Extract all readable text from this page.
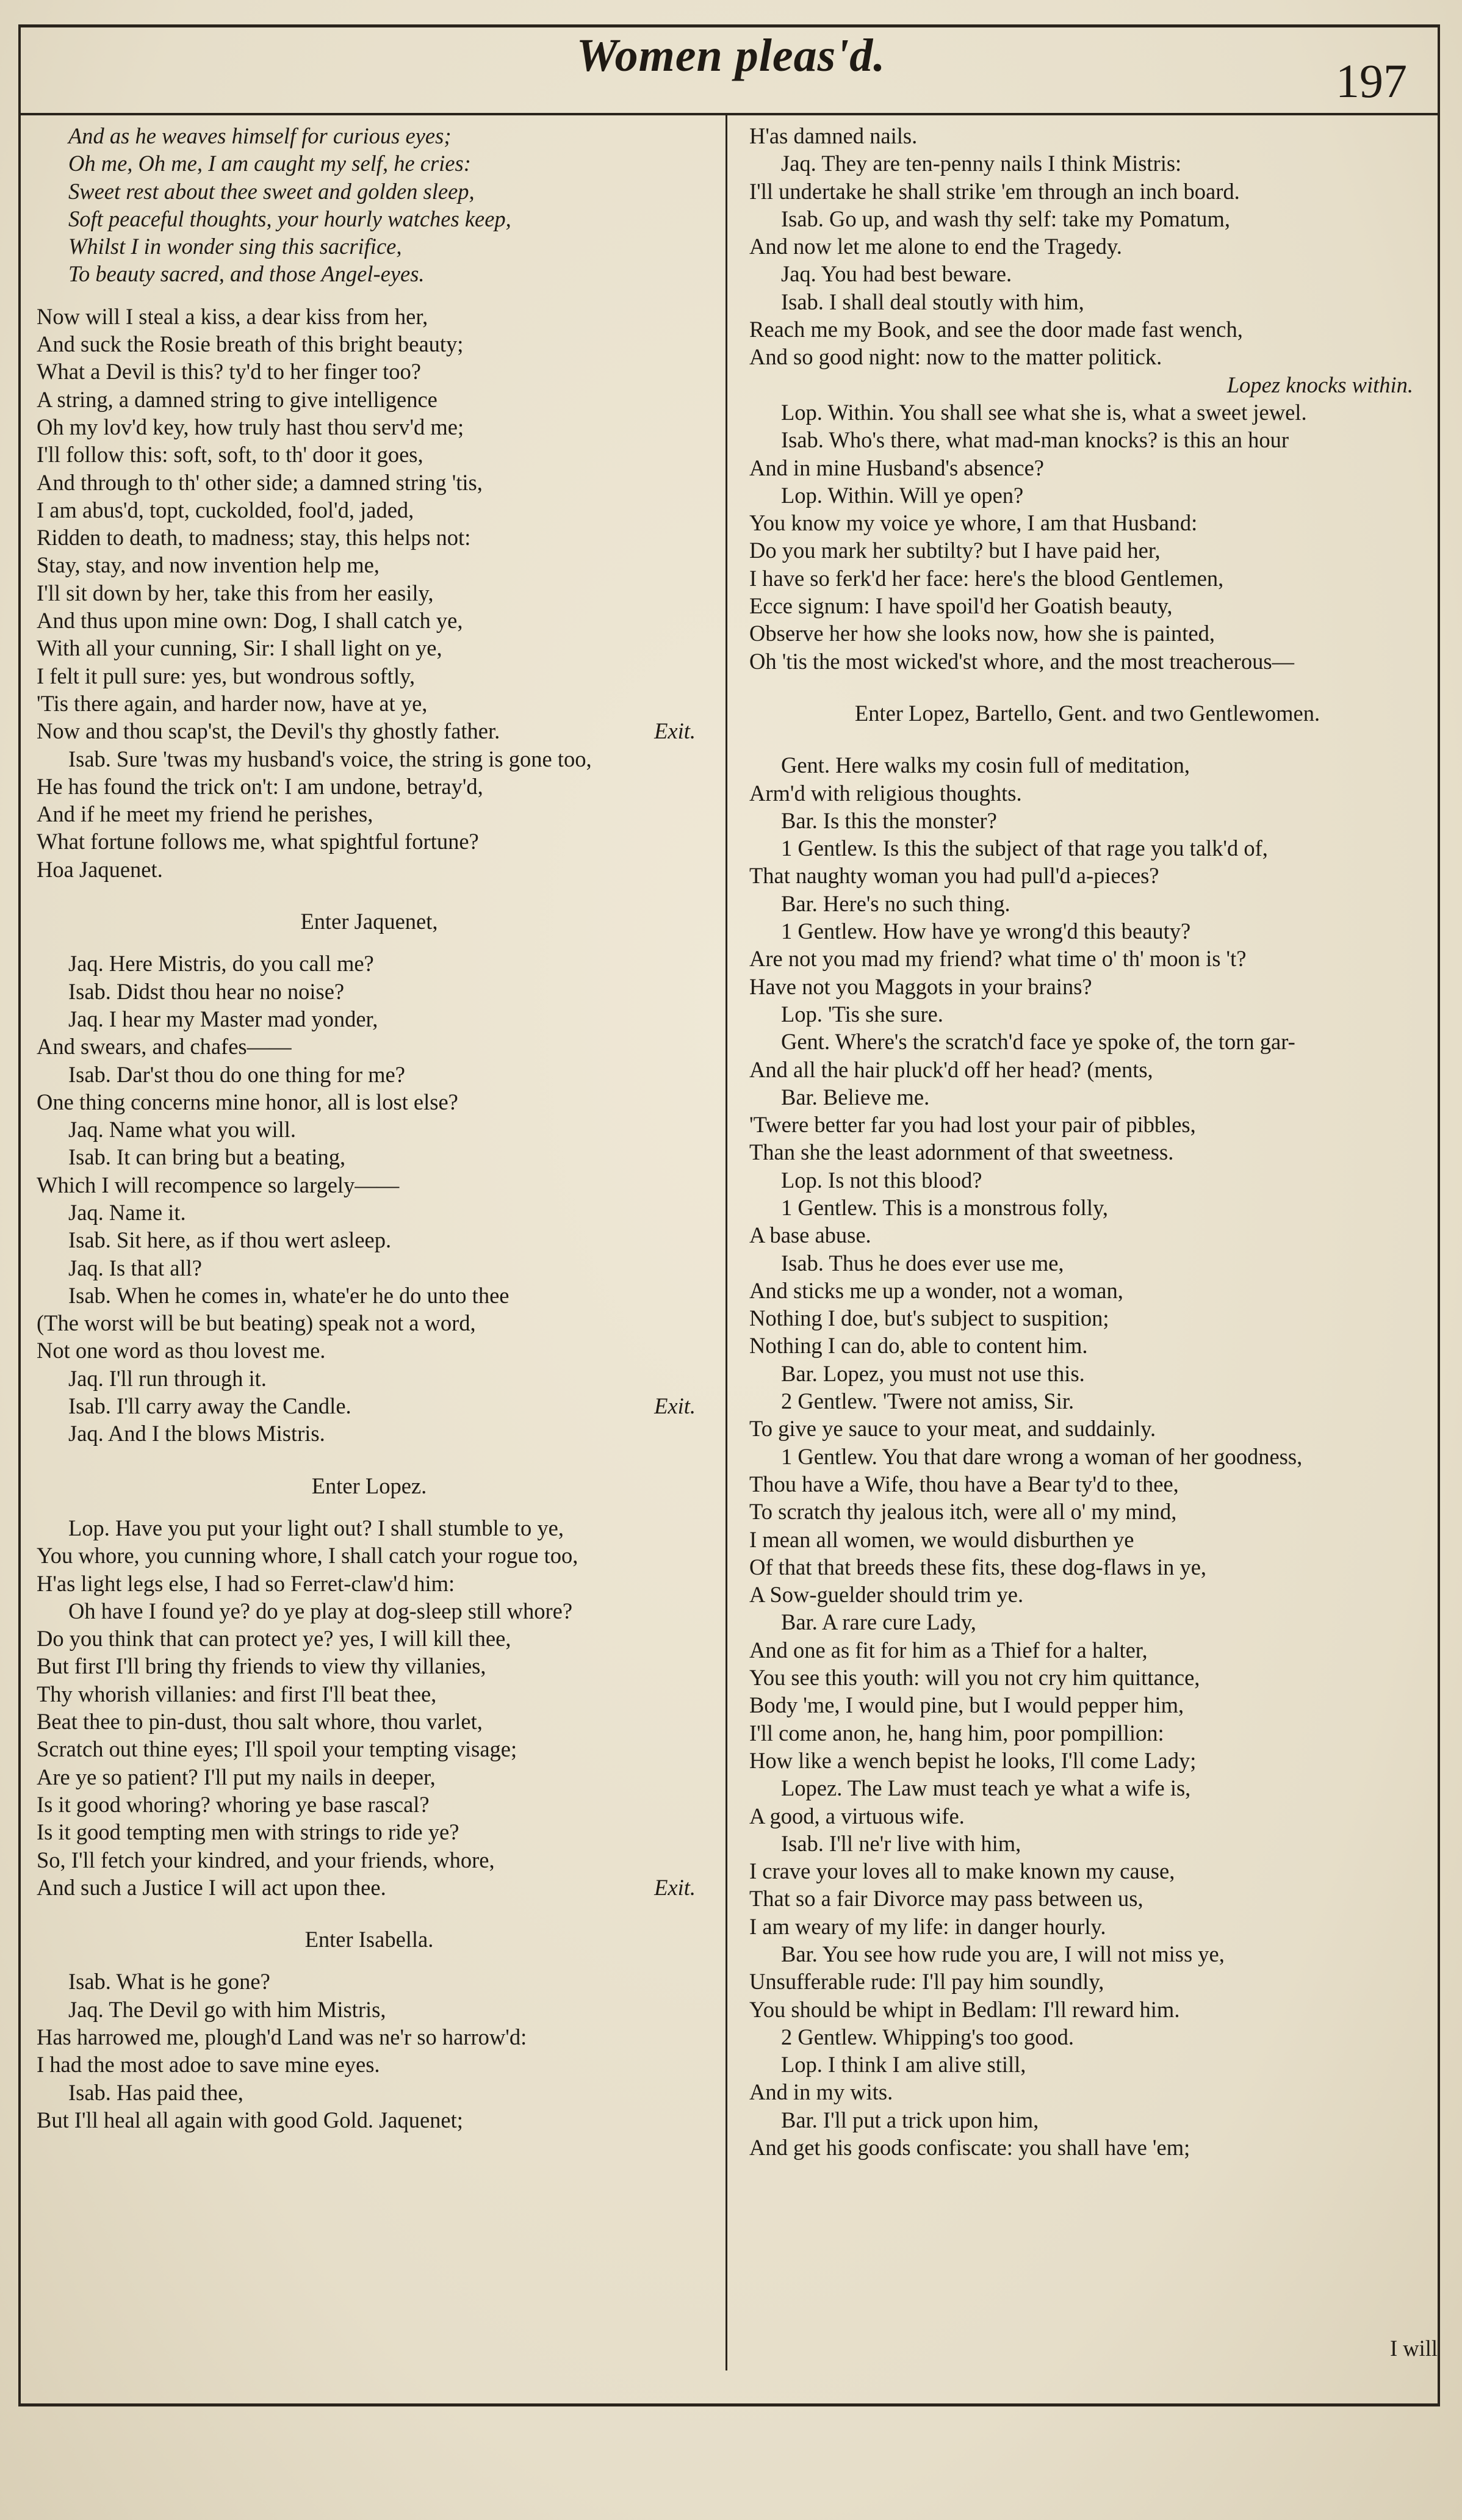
Women pleas'd.	197
And as he weaves himself for curious eyes;
Oh me, Oh me, I am caught my self, he cries:
Sweet rest about thee sweet and golden sleep,
Soft peaceful thoughts, your hourly watches keep,
Whilst I in wonder sing this sacrifice,
To beauty sacred, and those Angel-eyes.
Now will I steal a kiss, a dear kiss from her,
And suck the Rosie breath of this bright beauty;
What a Devil is this? ty'd to her finger too?
A string, a damned string to give intelligence
Oh my lov'd key, how truly hast thou serv'd me;
I'll follow this: soft, soft, to th' door it goes,
And through to th' other side; a damned string 'tis,
I am abus'd, topt, cuckolded, fool'd, jaded,
Ridden to death, to madness; stay, this helps not:
Stay, stay, and now invention help me,
I'll sit down by her, take this from her easily,
And thus upon mine own: Dog, I shall catch ye,
With all your cunning, Sir: I shall light on ye,
I felt it pull sure: yes, but wondrous softly,
'Tis there again, and harder now, have at ye,
Now and thou scap'st, the Devil's thy ghostly father.	Exit.
Isab. Sure 'twas my husband's voice, the string is gone too,
He has found the trick on't: I am undone, betray'd,
And if he meet my friend he perishes,
What fortune follows me, what spightful fortune?
Hoa Jaquenet.
Enter Jaquenet,
Jaq. Here Mistris, do you call me?
Isab. Didst thou hear no noise?
Jaq. I hear my Master mad yonder,
And swears, and chafes——
Isab. Dar'st thou do one thing for me?
One thing concerns mine honor, all is lost else?
Jaq. Name what you will.
Isab. It can bring but a beating,
Which I will recompence so largely——
Jaq. Name it.
Isab. Sit here, as if thou wert asleep.
Jaq. Is that all?
Isab. When he comes in, whate'er he do unto thee
(The worst will be but beating) speak not a word,
Not one word as thou lovest me.
Jaq. I'll run through it.
Isab. I'll carry away the Candle.	Exit.
Jaq. And I the blows Mistris.
Enter Lopez.
Lop. Have you put your light out? I shall stumble to ye,
You whore, you cunning whore, I shall catch your rogue too,
H'as light legs else, I had so Ferret-claw'd him:
Oh have I found ye? do ye play at dog-sleep still whore?
Do you think that can protect ye? yes, I will kill thee,
But first I'll bring thy friends to view thy villanies,
Thy whorish villanies: and first I'll beat thee,
Beat thee to pin-dust, thou salt whore, thou varlet,
Scratch out thine eyes; I'll spoil your tempting visage;
Are ye so patient? I'll put my nails in deeper,
Is it good whoring? whoring ye base rascal?
Is it good tempting men with strings to ride ye?
So, I'll fetch your kindred, and your friends, whore,
And such a Justice I will act upon thee.	Exit.
Enter Isabella.
Isab. What is he gone?
Jaq. The Devil go with him Mistris,
Has harrowed me, plough'd Land was ne'r so harrow'd:
I had the most adoe to save mine eyes.
Isab. Has paid thee,
But I'll heal all again with good Gold. Jaquenet;
H'as damned nails.
Jaq. They are ten-penny nails I think Mistris:
I'll undertake he shall strike 'em through an inch board.
Isab. Go up, and wash thy self: take my Pomatum,
And now let me alone to end the Tragedy.
Jaq. You had best beware.
Isab. I shall deal stoutly with him,
Reach me my Book, and see the door made fast wench,
And so good night: now to the matter politick.
Lopez knocks within.
Lop. Within. You shall see what she is, what a sweet jewel.
Isab. Who's there, what mad-man knocks? is this an hour
And in mine Husband's absence?
Lop. Within. Will ye open?
You know my voice ye whore, I am that Husband:
Do you mark her subtilty? but I have paid her,
I have so ferk'd her face: here's the blood Gentlemen,
Ecce signum: I have spoil'd her Goatish beauty,
Observe her how she looks now, how she is painted,
Oh 'tis the most wicked'st whore, and the most treacherous—
Enter Lopez, Bartello, Gent. and two Gentlewomen.
Gent. Here walks my cosin full of meditation,
Arm'd with religious thoughts.
Bar. Is this the monster?
1 Gentlew. Is this the subject of that rage you talk'd of,
That naughty woman you had pull'd a-pieces?
Bar. Here's no such thing.
1 Gentlew. How have ye wrong'd this beauty?
Are not you mad my friend? what time o' th' moon is 't?
Have not you Maggots in your brains?
Lop. 'Tis she sure.
Gent. Where's the scratch'd face ye spoke of, the torn gar-
And all the hair pluck'd off her head? (ments,
Bar. Believe me.
'Twere better far you had lost your pair of pibbles,
Than she the least adornment of that sweetness.
Lop. Is not this blood?
1 Gentlew. This is a monstrous folly,
A base abuse.
Isab. Thus he does ever use me,
And sticks me up a wonder, not a woman,
Nothing I doe, but's subject to suspition;
Nothing I can do, able to content him.
Bar. Lopez, you must not use this.
2 Gentlew. 'Twere not amiss, Sir.
To give ye sauce to your meat, and suddainly.
1 Gentlew. You that dare wrong a woman of her goodness,
Thou have a Wife, thou have a Bear ty'd to thee,
To scratch thy jealous itch, were all o' my mind,
I mean all women, we would disburthen ye
Of that that breeds these fits, these dog-flaws in ye,
A Sow-guelder should trim ye.
Bar. A rare cure Lady,
And one as fit for him as a Thief for a halter,
You see this youth: will you not cry him quittance,
Body 'me, I would pine, but I would pepper him,
I'll come anon, he, hang him, poor pompillion:
How like a wench bepist he looks, I'll come Lady;
Lopez. The Law must teach ye what a wife is,
A good, a virtuous wife.
Isab. I'll ne'r live with him,
I crave your loves all to make known my cause,
That so a fair Divorce may pass between us,
I am weary of my life: in danger hourly.
Bar. You see how rude you are, I will not miss ye,
Unsufferable rude: I'll pay him soundly,
You should be whipt in Bedlam: I'll reward him.
2 Gentlew. Whipping's too good.
Lop. I think I am alive still,
And in my wits.
Bar. I'll put a trick upon him,
And get his goods confiscate: you shall have 'em;
I will
